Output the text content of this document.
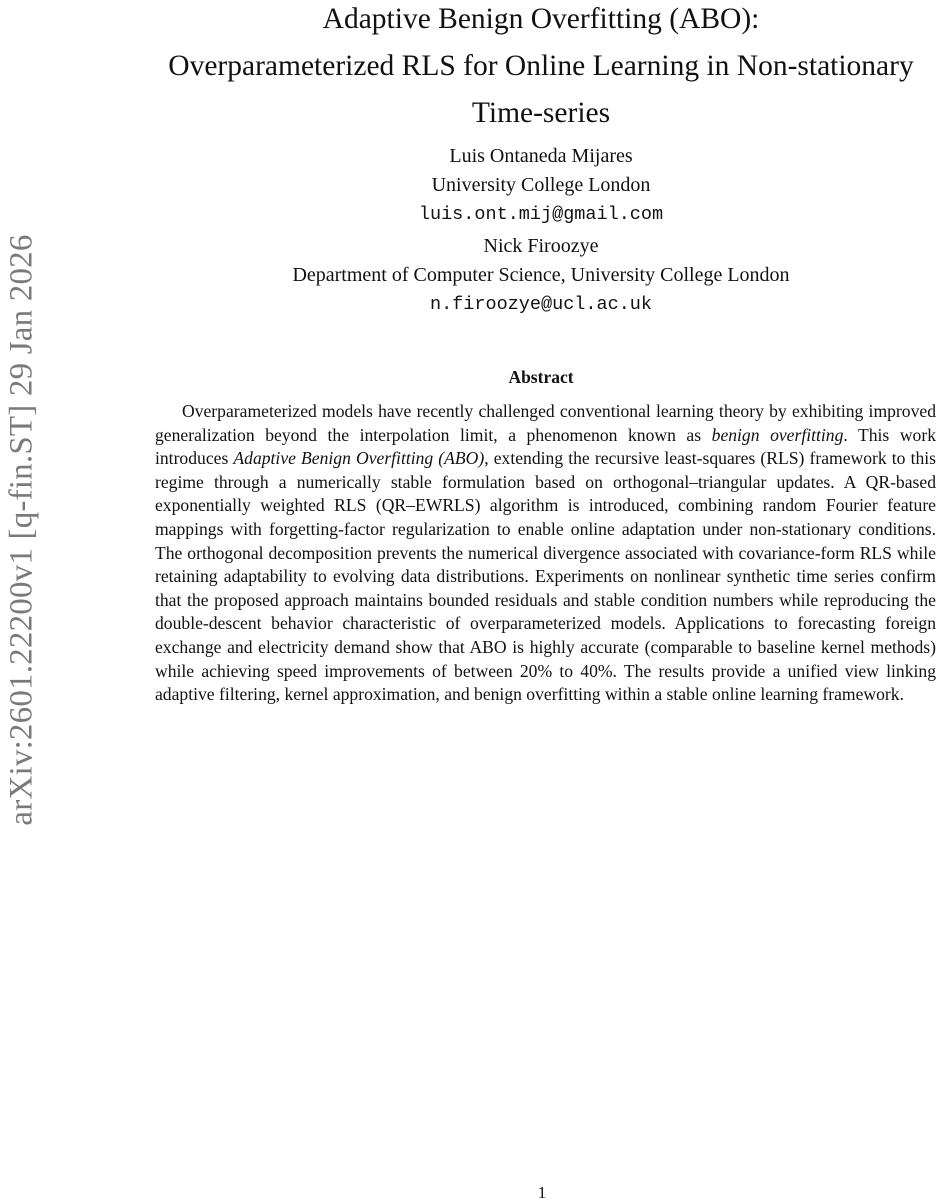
arXiv:2601.22200v1 [q-fin.ST] 29 Jan 2026
Adaptive Benign Overfitting (ABO):
Overparameterized RLS for Online Learning in Non-stationary
Time-series
Luis Ontaneda Mijares
University College London
luis.ont.mij@gmail.com
Nick Firoozye
Department of Computer Science, University College London
n.firoozye@ucl.ac.uk
Abstract

Overparameterized models have recently challenged conventional learning theory by exhibiting improved generalization beyond the interpolation limit, a phenomenon known as benign overfitting. This work introduces Adaptive Benign Overfitting (ABO), extending the recursive least-squares (RLS) framework to this regime through a numerically stable formulation based on orthogonal–triangular updates. A QR-based exponentially weighted RLS (QR–EWRLS) algorithm is introduced, combining random Fourier feature mappings with forgetting-factor regularization to enable online adaptation under non-stationary conditions. The orthogonal decomposition prevents the numerical divergence associated with covariance-form RLS while retaining adaptability to evolving data distributions. Experiments on nonlinear synthetic time series confirm that the proposed approach maintains bounded residuals and stable condition numbers while reproducing the double-descent behavior characteristic of overparameterized models. Applications to forecasting foreign exchange and electricity demand show that ABO is highly accurate (comparable to baseline kernel methods) while achieving speed improvements of between 20% to 40%. The results provide a unified view linking adaptive filtering, kernel approximation, and benign overfitting within a stable online learning framework.

1
